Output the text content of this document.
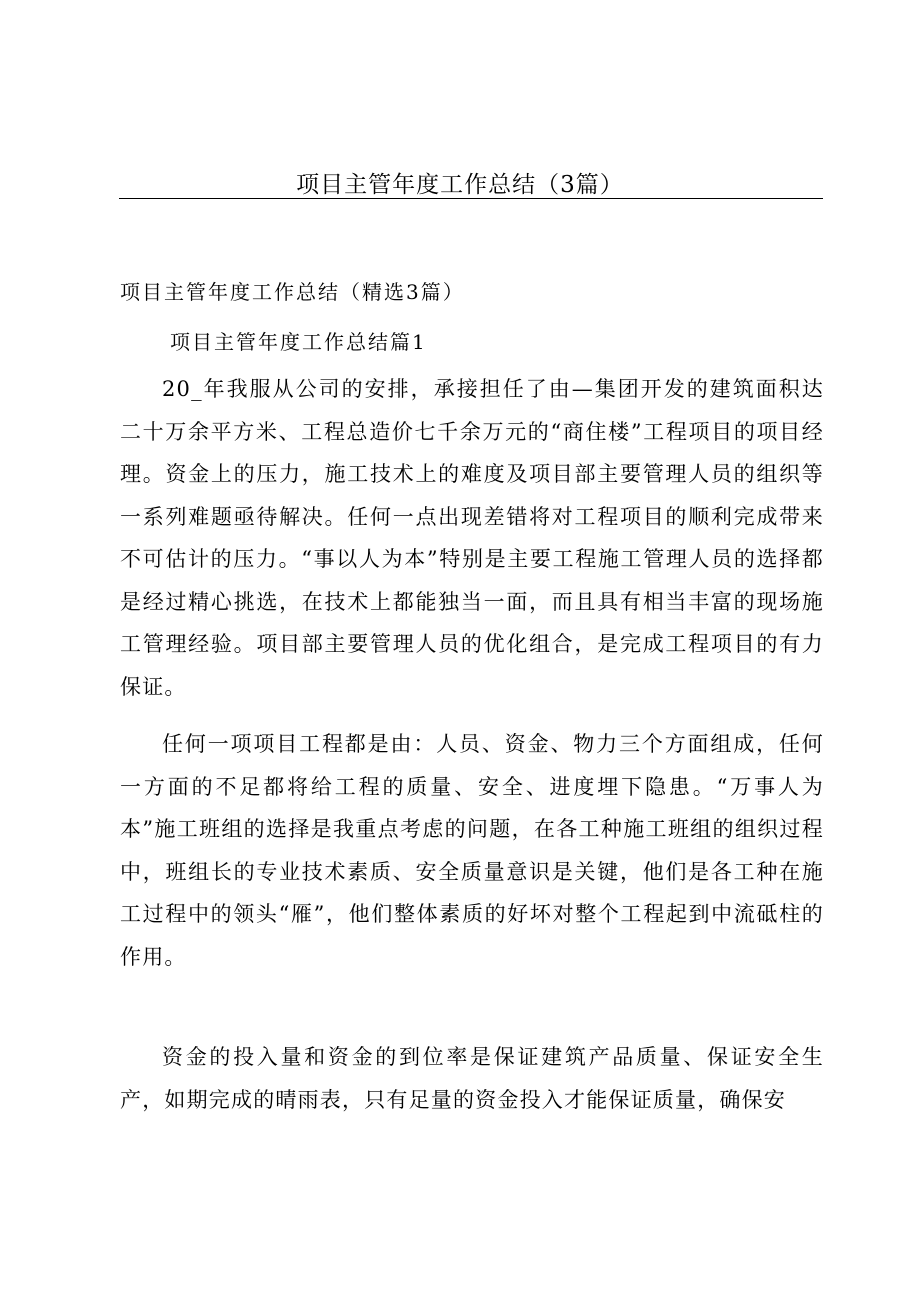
项目主管年度工作总结（3篇）
项目主管年度工作总结（精选3篇）
项目主管年度工作总结篇1

20_年我服从公司的安排，承接担任了由—集团开发的建筑面积达二十万余平方米、工程总造价七千余万元的“商住楼”工程项目的项目经理。资金上的压力，施工技术上的难度及项目部主要管理人员的组织等一系列难题亟待解决。任何一点出现差错将对工程项目的顺利完成带来不可估计的压力。“事以人为本”特别是主要工程施工管理人员的选择都是经过精心挑选，在技术上都能独当一面，而且具有相当丰富的现场施工管理经验。项目部主要管理人员的优化组合，是完成工程项目的有力保证。

任何一项项目工程都是由：人员、资金、物力三个方面组成，任何一方面的不足都将给工程的质量、安全、进度埋下隐患。“万事人为本”施工班组的选择是我重点考虑的问题，在各工种施工班组的组织过程中，班组长的专业技术素质、安全质量意识是关键，他们是各工种在施工过程中的领头“雁”，他们整体素质的好坏对整个工程起到中流砥柱的作用。

资金的投入量和资金的到位率是保证建筑产品质量、保证安全生产，如期完成的晴雨表，只有足量的资金投入才能保证质量，确保安
